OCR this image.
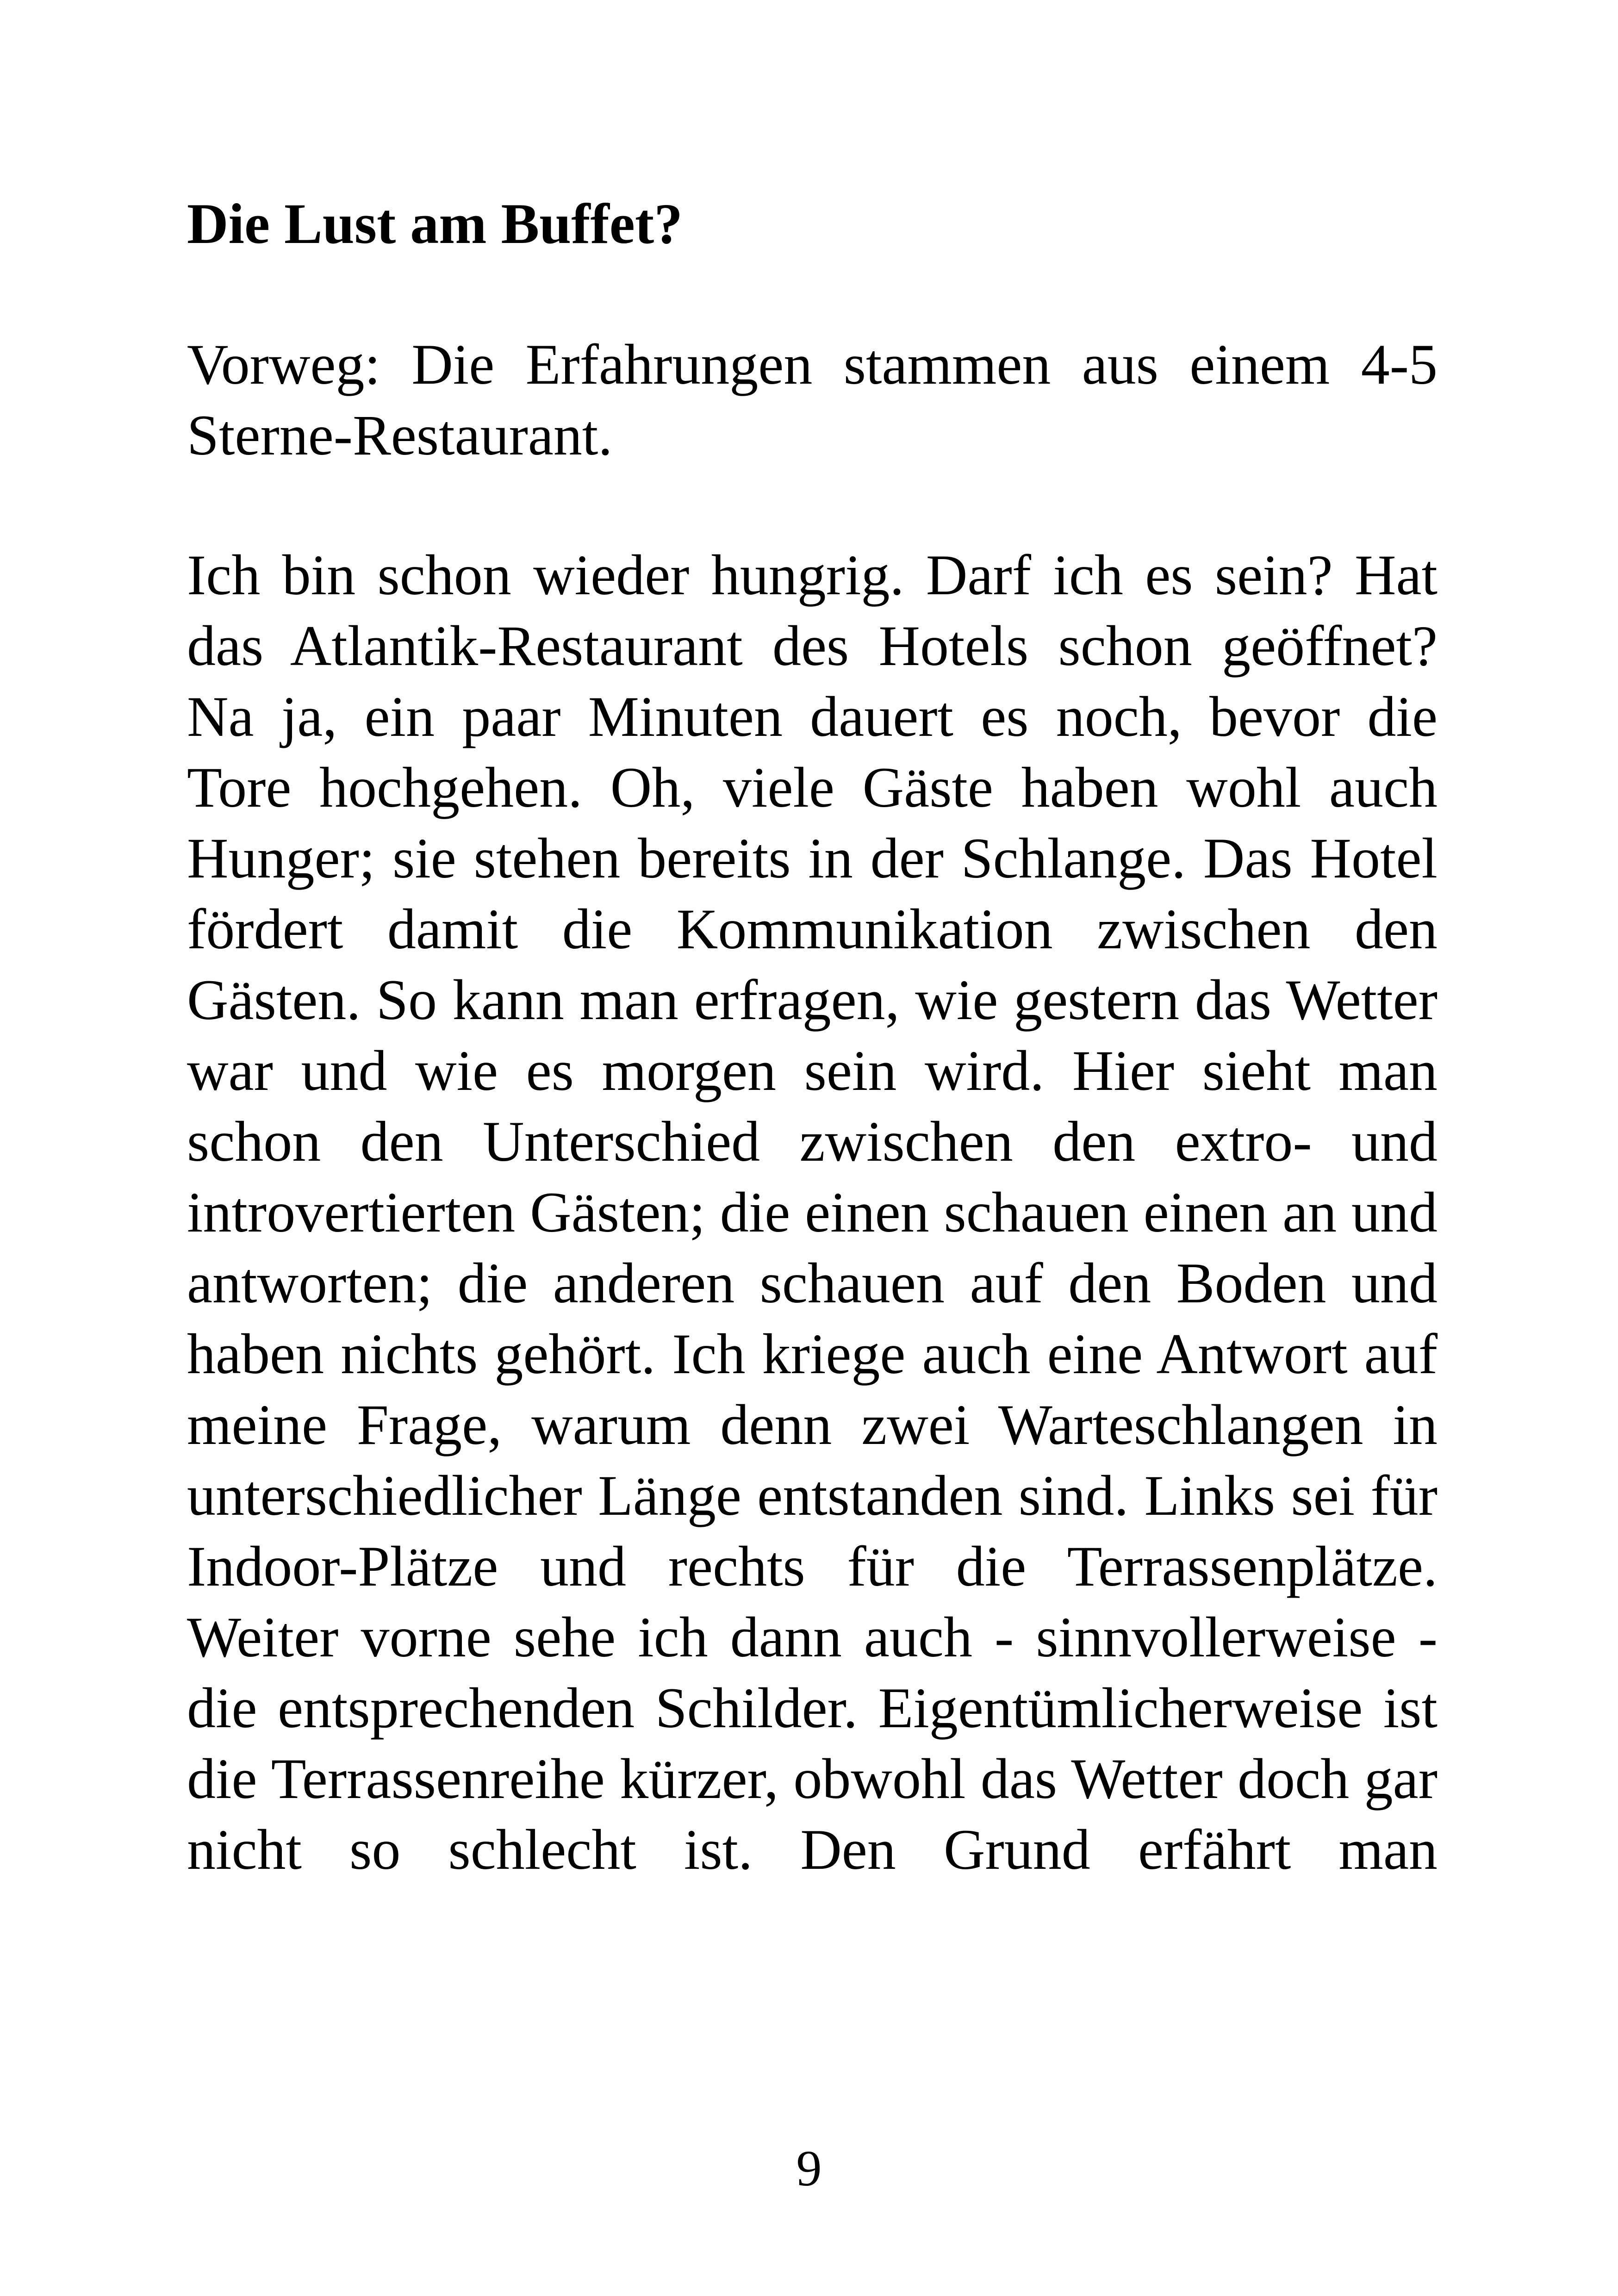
Die Lust am Buffet?

Vorweg: Die Erfahrungen stammen aus einem 4-5 Sterne-Restaurant.

Ich bin schon wieder hungrig. Darf ich es sein? Hat das Atlantik-Restaurant des Hotels schon geöffnet? Na ja, ein paar Minuten dauert es noch, bevor die Tore hochgehen. Oh, viele Gäste haben wohl auch Hunger; sie stehen bereits in der Schlange. Das Hotel fördert damit die Kommunikation zwischen den Gästen. So kann man erfragen, wie gestern das Wetter war und wie es morgen sein wird. Hier sieht man schon den Unterschied zwischen den extro- und introvertierten Gästen; die einen schauen einen an und antworten; die anderen schauen auf den Boden und haben nichts gehört. Ich kriege auch eine Antwort auf meine Frage, warum denn zwei Warteschlangen in unterschiedlicher Länge entstanden sind. Links sei für Indoor-Plätze und rechts für die Terrassenplätze. Weiter vorne sehe ich dann auch - sinnvollerweise - die entsprechenden Schilder. Eigentümlicherweise ist die Terrassenreihe kürzer, obwohl das Wetter doch gar nicht so schlecht ist. Den Grund erfährt man

9
